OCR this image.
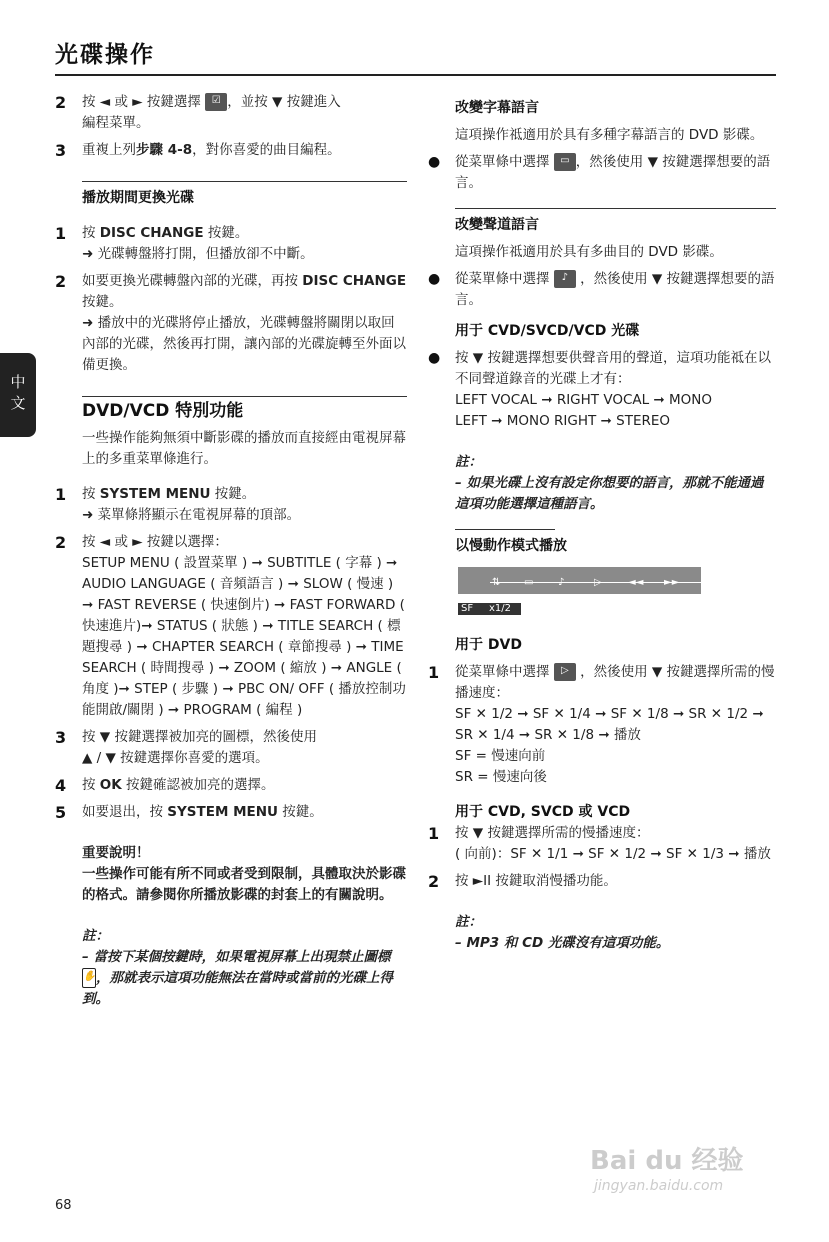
光碟操作
中文
2	按 ◄ 或 ► 按鍵選擇 ☑ ，並按 ▼ 按鍵進入
編程菜單。
3	重複上列步驟 4-8，對你喜愛的曲目編程。
播放期間更換光碟
1	按 DISC CHANGE 按鍵。
➜ 光碟轉盤將打開，但播放卻不中斷。
2	如要更換光碟轉盤內部的光碟，再按 DISC CHANGE 按鍵。
➜ 播放中的光碟將停止播放，光碟轉盤將關閉以取回內部的光碟，然後再打開，讓內部的光碟旋轉至外面以備更換。
DVD/VCD 特別功能
一些操作能夠無須中斷影碟的播放而直接經由電視屏幕上的多重菜單條進行。
1	按 SYSTEM MENU 按鍵。
➜ 菜單條將顯示在電視屏幕的頂部。
2	按 ◄ 或 ► 按鍵以選擇：
SETUP MENU ( 設置菜單 ) ➞ SUBTITLE ( 字幕 ) ➞ AUDIO LANGUAGE ( 音頻語言 ) ➞ SLOW ( 慢速 ) ➞ FAST REVERSE ( 快速倒片) ➞ FAST FORWARD ( 快速進片)➞ STATUS ( 狀態 ) ➞ TITLE SEARCH ( 標題搜尋 ) ➞ CHAPTER SEARCH ( 章節搜尋 ) ➞ TIME SEARCH ( 時間搜尋 ) ➞ ZOOM ( 縮放 ) ➞ ANGLE ( 角度 )➞ STEP ( 步驟 ) ➞ PBC ON/ OFF ( 播放控制功能開啟/關閉 ) ➞ PROGRAM ( 編程 )
3	按 ▼ 按鍵選擇被加亮的圖標，然後使用
▲ / ▼ 按鍵選擇你喜愛的選項。
4	按 OK 按鍵確認被加亮的選擇。
5	如要退出，按 SYSTEM MENU 按鍵。
重要說明！
一些操作可能有所不同或者受到限制，具體取決於影碟的格式。請參閱你所播放影碟的封套上的有關說明。
註：
– 當按下某個按鍵時，如果電視屏幕上出現禁止圖標 ✋，那就表示這項功能無法在當時或當前的光碟上得到。
改變字幕語言
這項操作祗適用於具有多種字幕語言的 DVD 影碟。
●	從菜單條中選擇 ▭ ，然後使用 ▼ 按鍵選擇想要的語言。
改變聲道語言
這項操作祗適用於具有多曲目的 DVD 影碟。
●	從菜單條中選擇 ♪ ，然後使用 ▼ 按鍵選擇想要的語言。
用于 CVD/SVCD/VCD 光碟
●	按 ▼ 按鍵選擇想要供聲音用的聲道，這項功能祗在以不同聲道錄音的光碟上才有：
LEFT VOCAL ➞ RIGHT VOCAL ➞ MONO
LEFT ➞ MONO RIGHT ➞ STEREO
註：
– 如果光碟上沒有設定你想要的語言，那就不能通過這項功能選擇這種語言。
以慢動作模式播放
SF x1/2
用于 DVD
1	從菜單條中選擇 ▷ ，然後使用 ▼ 按鍵選擇所需的慢播速度：
SF ✕ 1/2 ➞ SF ✕ 1/4 ➞ SF ✕ 1/8 ➞ SR ✕ 1/2 ➞ SR ✕ 1/4 ➞ SR ✕ 1/8 ➞ 播放
SF = 慢速向前
SR = 慢速向後
用于 CVD, SVCD 或 VCD
1	按 ▼ 按鍵選擇所需的慢播速度：
( 向前)：SF ✕ 1/1 ➞ SF ✕ 1/2 ➞ SF ✕ 1/3 ➞ 播放
2	按 ►II 按鍵取消慢播功能。
註：
– MP3 和 CD 光碟沒有這項功能。
68
Bai du 经验
jingyan.baidu.com
